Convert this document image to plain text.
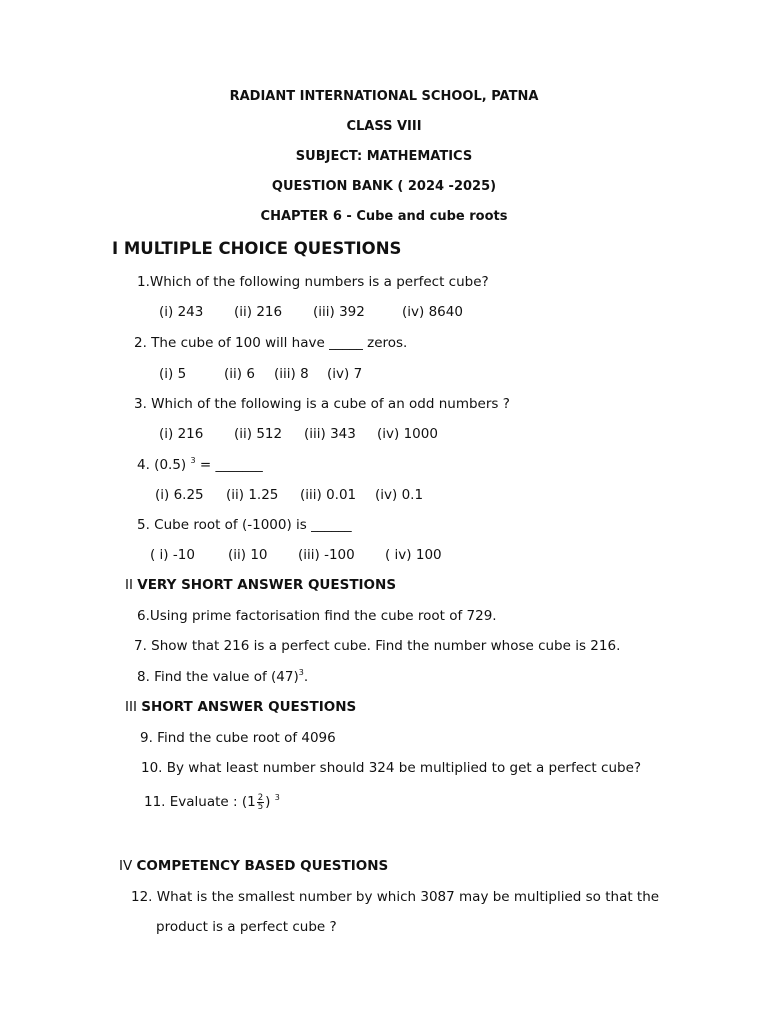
RADIANT INTERNATIONAL SCHOOL, PATNA
CLASS VIII
SUBJECT: MATHEMATICS
QUESTION BANK ( 2024 -2025)
CHAPTER 6 - Cube and cube roots
I MULTIPLE CHOICE QUESTIONS
1.Which of the following numbers is a perfect cube?
(i) 243 (ii) 216 (iii) 392	(iv) 8640
2. The cube of 100 will have _____ zeros.
(i) 5	(ii) 6 (iii) 8 (iv) 7
3. Which of the following is a cube of an odd numbers ?
(i) 216 (ii) 512 (iii) 343 (iv) 1000
4. (0.5) $^3$ = _______
(i) 6.25 (ii) 1.25 (iii) 0.01 (iv) 0.1
5. Cube root of (-1000) is ______
( i) -10 (ii) 10 (iii) -100 ( iv) 100
II VERY SHORT ANSWER QUESTIONS
6.Using prime factorisation find the cube root of 729.
7. Show that 216 is a perfect cube. Find the number whose cube is 216.
8. Find the value of $(47)^3$.
III SHORT ANSWER QUESTIONS
9. Find the cube root of 4096
10. By what least number should 324 be multiplied to get a perfect cube?
11. Evaluate : ($1 \frac{2}{5}$ ) $^3$
IV COMPETENCY BASED QUESTIONS
12. What is the smallest number by which 3087 may be multiplied so that the
product is a perfect cube ?
